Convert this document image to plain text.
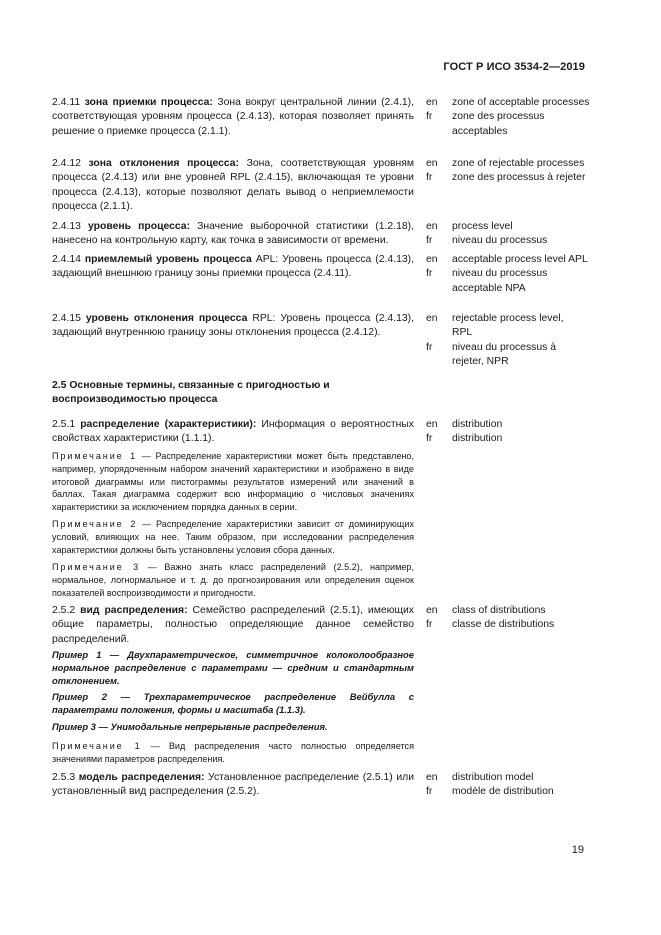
ГОСТ Р ИСО 3534-2—2019
2.4.11 зона приемки процесса: Зона вокруг центральной линии (2.4.1), соответствующая уровням процесса (2.4.13), которая позволяет принять решение о приемке процесса (2.1.1).
en	zone of acceptable processes
fr	zone des processus acceptables
2.4.12 зона отклонения процесса: Зона, соответствующая уровням процесса (2.4.13) или вне уровней RPL (2.4.15), включающая те уровни процесса (2.4.13), которые позволяют делать вывод о неприемлемости процесса (2.1.1).
en	zone of rejectable processes
fr	zone des processus à rejeter
2.4.13 уровень процесса: Значение выборочной статистики (1.2.18), нанесено на контрольную карту, как точка в зависимости от времени.
en	process level
fr	niveau du processus
2.4.14 приемлемый уровень процесса APL: Уровень процесса (2.4.13), задающий внешнюю границу зоны приемки процесса (2.4.11).
en	acceptable process level APL
fr	niveau du processus acceptable NPA
2.4.15 уровень отклонения процесса RPL: Уровень процесса (2.4.13), задающий внутреннюю границу зоны отклонения процесса (2.4.12).
en	rejectable process level, RPL
fr	niveau du processus à rejeter, NPR
2.5 Основные термины, связанные с пригодностью и воспроизводимостью процесса
2.5.1 распределение (характеристики): Информация о вероятностных свойствах характеристики (1.1.1).
en	distribution
fr	distribution
Примечание 1 — Распределение характеристики может быть представлено, например, упорядоченным набором значений характеристики и изображено в виде итоговой диаграммы или пистограммы результатов измерений или значений в баллах. Такая диаграмма содержит всю информацию о числовых значениях характеристики за исключением порядка данных в серии.
Примечание 2 — Распределение характеристики зависит от доминирующих условий, влияющих на нее. Таким образом, при исследовании распределения характеристики должны быть установлены условия сбора данных.
Примечание 3 — Важно знать класс распределений (2.5.2), например, нормальное, логнормальное и т. д. до прогнозирования или определения оценок показателей воспроизводимости и пригодности.
2.5.2 вид распределения: Семейство распределений (2.5.1), имеющих общие параметры, полностью определяющие данное семейство распределений.
en	class of distributions
fr	classe de distributions
Пример 1 — Двухпараметрическое, симметричное колоколообразное нормальное распределение с параметрами — средним и стандартным отклонением.
Пример 2 — Трехпараметрическое распределение Вейбулла с параметрами положения, формы и масштаба (1.1.3).
Пример 3 — Унимодальные непрерывные распределения.
Примечание 1 — Вид распределения часто полностью определяется значениями параметров распределения.
2.5.3 модель распределения: Установленное распределение (2.5.1) или установленный вид распределения (2.5.2).
en	distribution model
fr	modèle de distribution
19
